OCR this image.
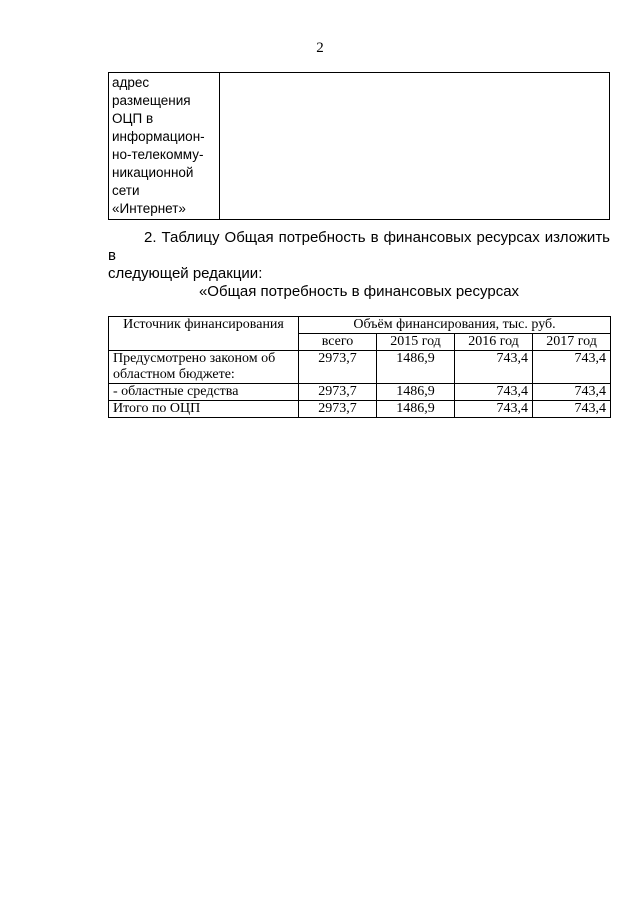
2
адрес
размещения
ОЦП в
информацион-
но-телекомму-
никационной
сети
«Интернет»

2. Таблицу Общая потребность в финансовых ресурсах изложить в
следующей редакции:
«Общая потребность в финансовых ресурсах
Источник финансирования	Объём финансирования, тыс. руб.			
	всего	2015 год	2016 год	2017 год

Предусмотрено законом об
областном бюджете:	2973,7	1486,9	743,4	743,4
- областные средства	2973,7	1486,9	743,4	743,4
Итого по ОЦП	2973,7	1486,9	743,4	743,4
